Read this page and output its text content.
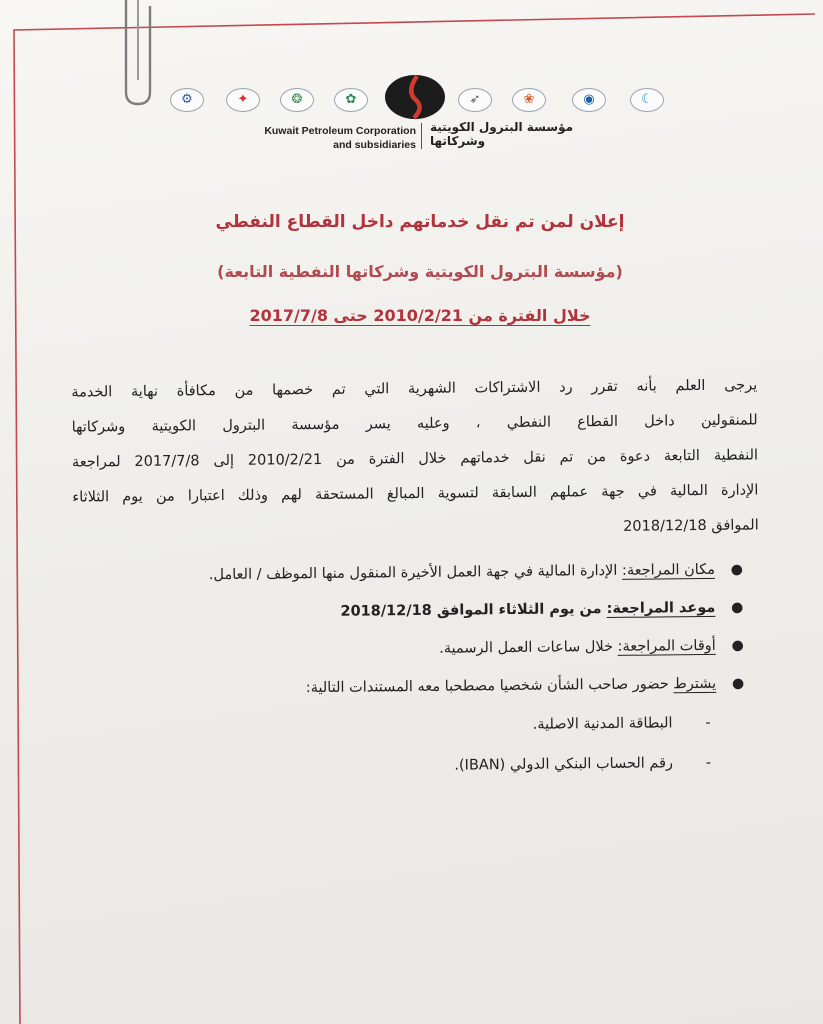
⚙	✦	❂	✿	➶	❀	◉	☾
Kuwait Petroleum Corporation
and subsidiaries
مؤسسة البترول الكويتية
وشركاتها
إعلان لمن تم نقل خدماتهم داخل القطاع النفطي
(مؤسسة البترول الكويتية وشركاتها النفطية التابعة)
خلال الفترة من 2010/2/21 حتى 2017/7/8
يرجى العلم بأنه تقرر رد الاشتراكات الشهرية التي تم خصمها من مكافأة نهاية الخدمة
للمنقولين داخل القطاع النفطي ، وعليه يسر مؤسسة البترول الكويتية وشركاتها
النفطية التابعة دعوة من تم نقل خدماتهم خلال الفترة من 2010/2/21 إلى 2017/7/8 لمراجعة
الإدارة المالية في جهة عملهم السابقة لتسوية المبالغ المستحقة لهم وذلك اعتبارا من يوم الثلاثاء
الموافق 2018/12/18
●
مكان المراجعة: الإدارة المالية في جهة العمل الأخيرة المنقول منها الموظف / العامل.
●
موعد المراجعة: من يوم الثلاثاء الموافق 2018/12/18
●
أوقات المراجعة: خلال ساعات العمل الرسمية.
●
يشترط حضور صاحب الشأن شخصيا مصطحبا معه المستندات التالية:
-
البطاقة المدنية الاصلية.
-
رقم الحساب البنكي الدولي (IBAN).
